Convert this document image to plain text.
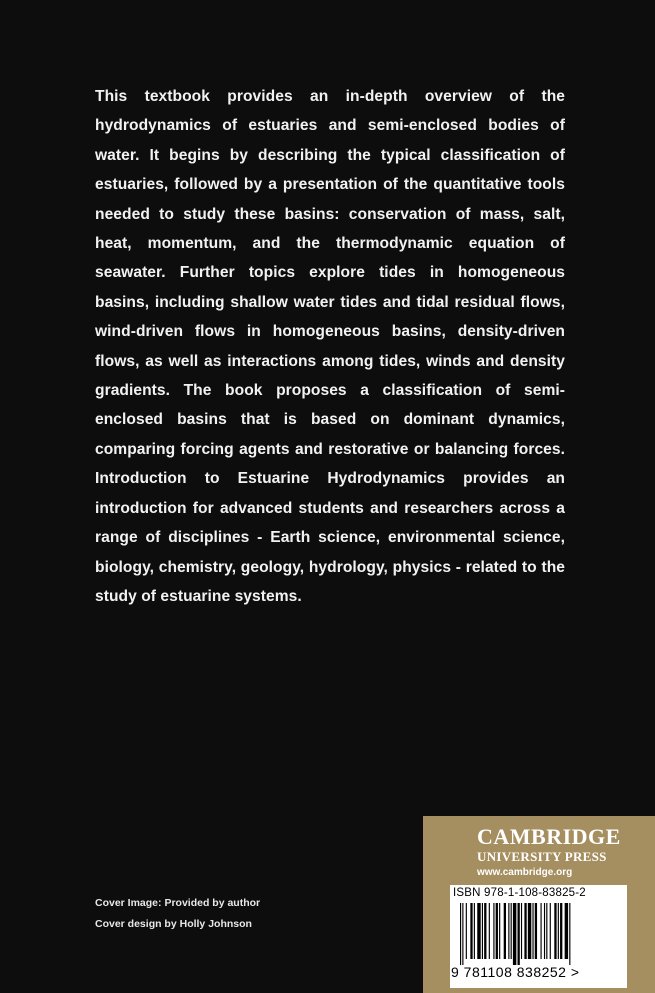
This textbook provides an in-depth overview of the hydrodynamics of estuaries and semi-enclosed bodies of water. It begins by describing the typical classification of estuaries, followed by a presentation of the quantitative tools needed to study these basins: conservation of mass, salt, heat, momentum, and the thermodynamic equation of seawater. Further topics explore tides in homogeneous basins, including shallow water tides and tidal residual flows, wind-driven flows in homogeneous basins, density-driven flows, as well as interactions among tides, winds and density gradients. The book proposes a classification of semi-enclosed basins that is based on dominant dynamics, comparing forcing agents and restorative or balancing forces. Introduction to Estuarine Hydrodynamics provides an introduction for advanced students and researchers across a range of disciplines - Earth science, environmental science, biology, chemistry, geology, hydrology, physics - related to the study of estuarine systems.
Cover Image: Provided by author
Cover design by Holly Johnson
CAMBRIDGE
UNIVERSITY PRESS
www.cambridge.org
ISBN 978-1-108-83825-2
9 781108 838252 >
